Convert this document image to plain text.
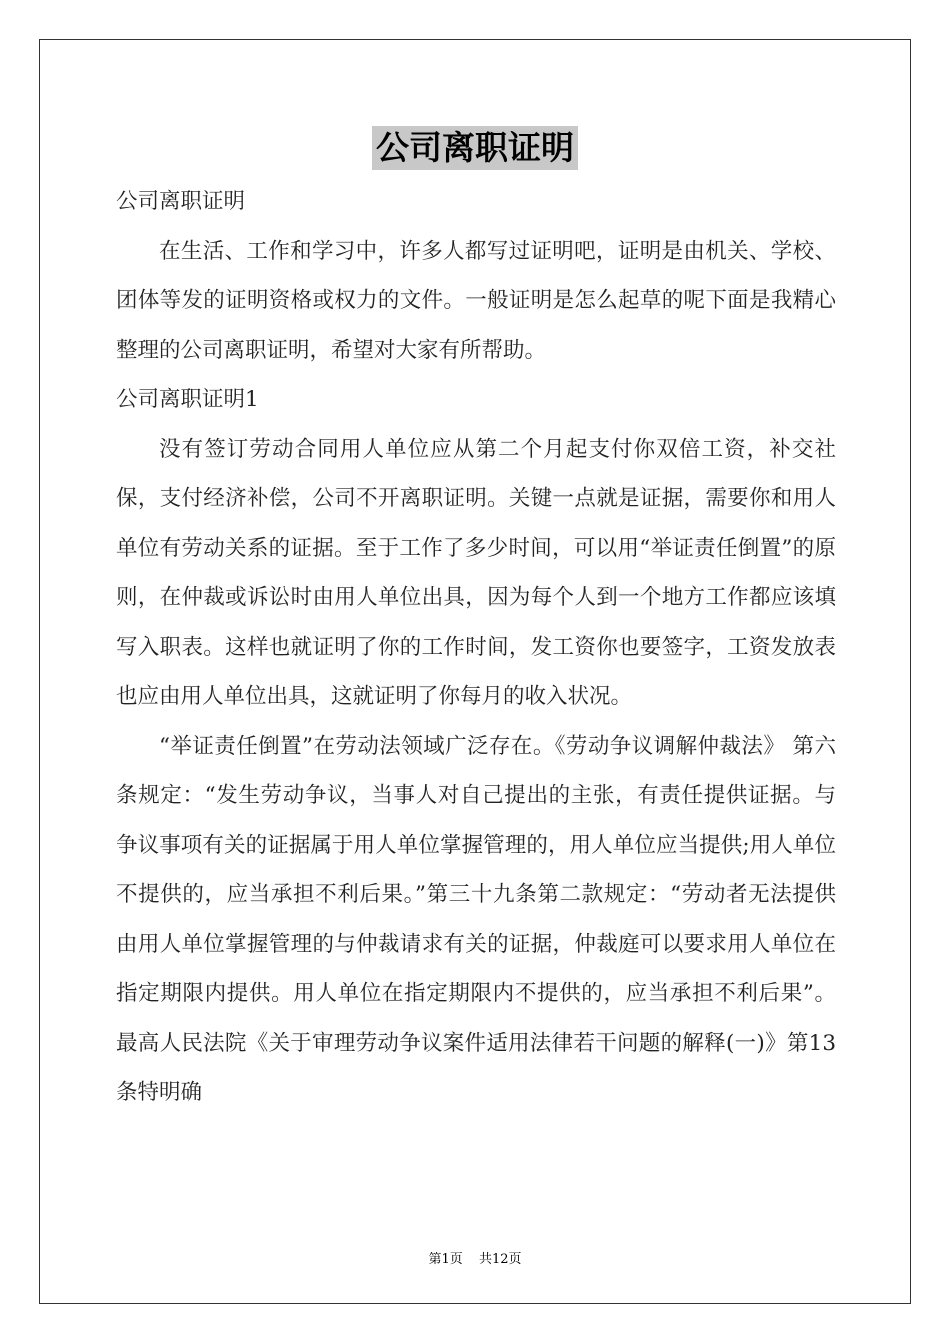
公司离职证明

公司离职证明

在生活、工作和学习中，许多人都写过证明吧，证明是由机关、学校、团体等发的证明资格或权力的文件。一般证明是怎么起草的呢下面是我精心整理的公司离职证明，希望对大家有所帮助。

公司离职证明1

没有签订劳动合同用人单位应从第二个月起支付你双倍工资，补交社保，支付经济补偿，公司不开离职证明。关键一点就是证据，需要你和用人单位有劳动关系的证据。至于工作了多少时间，可以用“举证责任倒置”的原则，在仲裁或诉讼时由用人单位出具，因为每个人到一个地方工作都应该填写入职表。这样也就证明了你的工作时间，发工资你也要签字，工资发放表也应由用人单位出具，这就证明了你每月的收入状况。

“举证责任倒置”在劳动法领域广泛存在。《劳动争议调解仲裁法》 第六条规定：“发生劳动争议，当事人对自己提出的主张，有责任提供证据。与争议事项有关的证据属于用人单位掌握管理的，用人单位应当提供;用人单位不提供的，应当承担不利后果。”第三十九条第二款规定：“劳动者无法提供由用人单位掌握管理的与仲裁请求有关的证据，仲裁庭可以要求用人单位在指定期限内提供。用人单位在指定期限内不提供的，应当承担不利后果”。最高人民法院《关于审理劳动争议案件适用法律若干问题的解释(一)》第13条特明确

第1页 共12页
